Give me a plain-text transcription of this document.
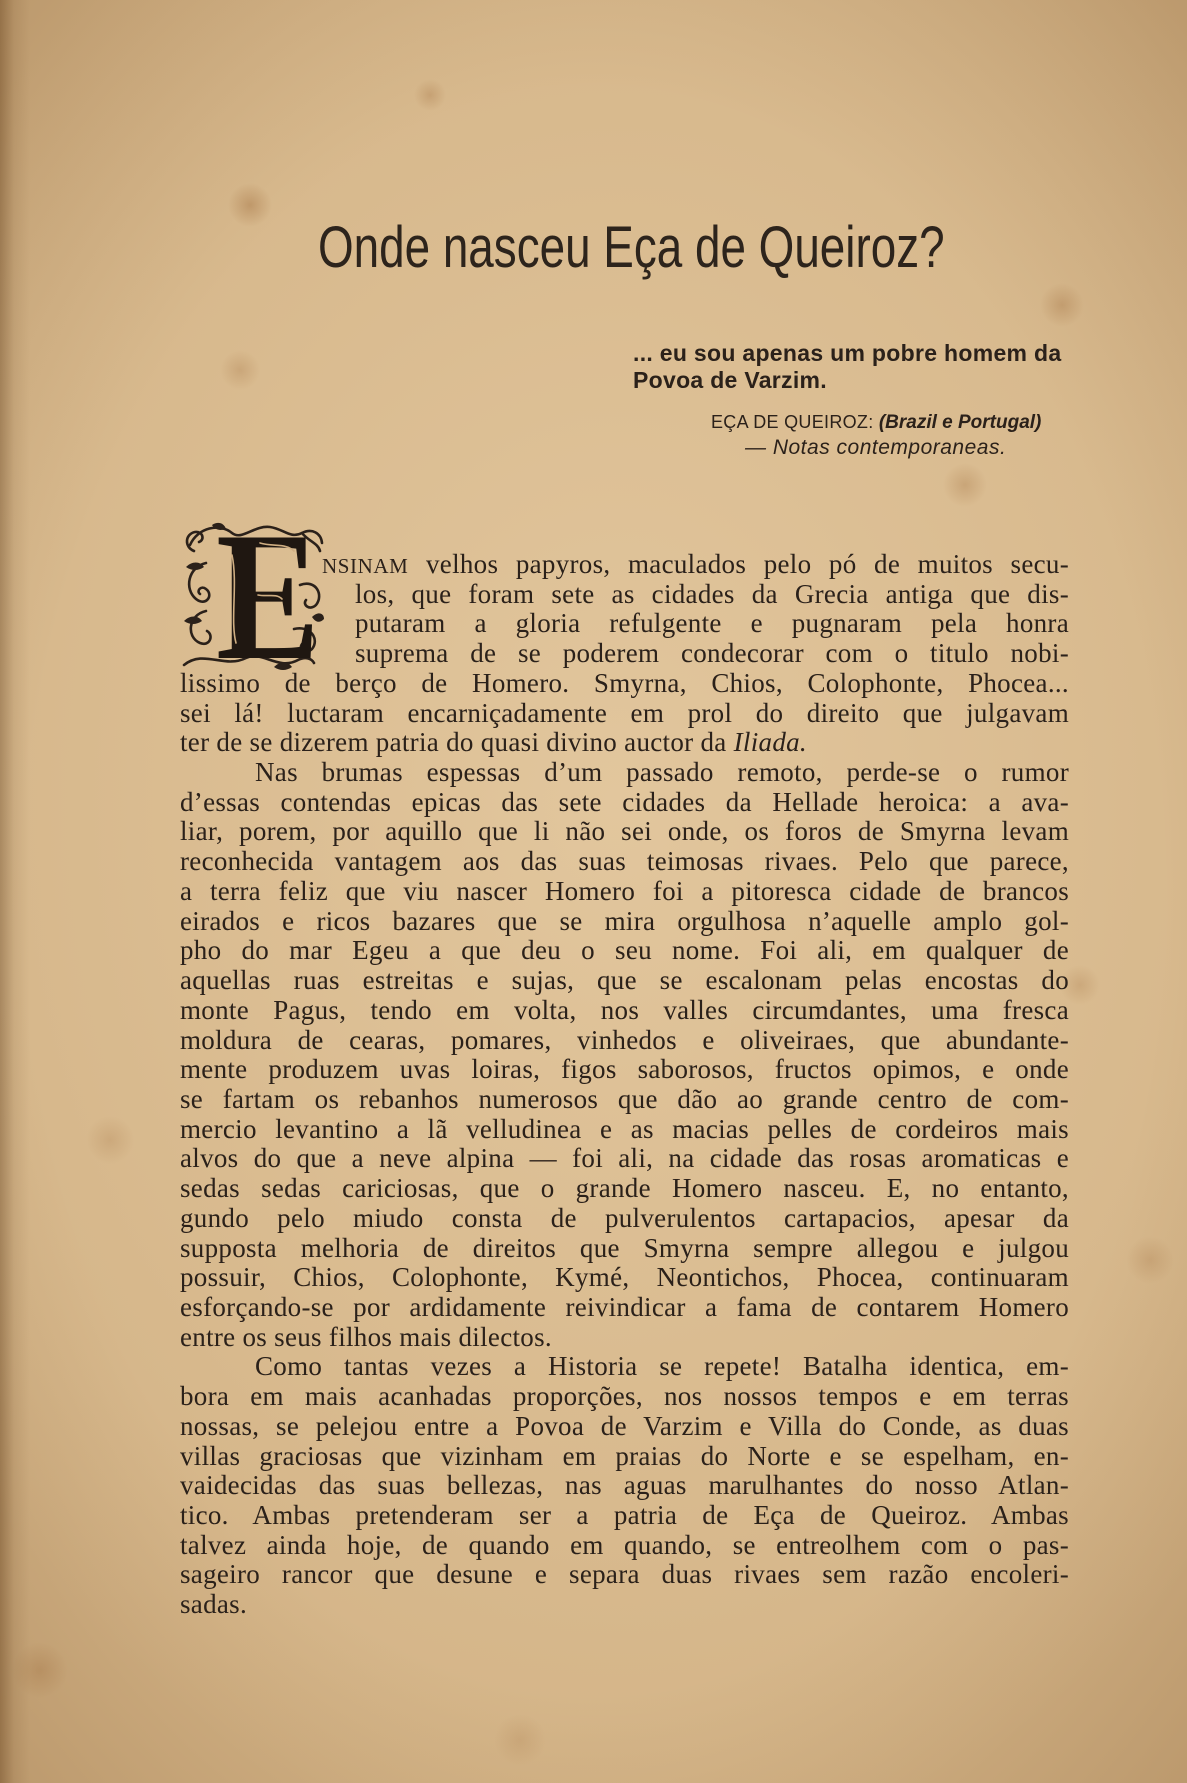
Onde nasceu Eça de Queiroz?
... eu sou apenas um pobre homem da
Povoa de Varzim.
EÇA DE QUEIROZ: (Brazil e Portugal)
— Notas contemporaneas.
E NSINAM velhos papyros, maculados pelo pó de muitos secu-
los, que foram sete as cidades da Grecia antiga que dis-
putaram a gloria refulgente e pugnaram pela honra
suprema de se poderem condecorar com o titulo nobi-
lissimo de berço de Homero. Smyrna, Chios, Colophonte, Phocea...
sei lá! luctaram encarniçadamente em prol do direito que julgavam
ter de se dizerem patria do quasi divino auctor da Iliada.
Nas brumas espessas d’um passado remoto, perde-se o rumor
d’essas contendas epicas das sete cidades da Hellade heroica: a ava-
liar, porem, por aquillo que li não sei onde, os foros de Smyrna levam
reconhecida vantagem aos das suas teimosas rivaes. Pelo que parece,
a terra feliz que viu nascer Homero foi a pitoresca cidade de brancos
eirados e ricos bazares que se mira orgulhosa n’aquelle amplo gol-
pho do mar Egeu a que deu o seu nome. Foi ali, em qualquer de
aquellas ruas estreitas e sujas, que se escalonam pelas encostas do
monte Pagus, tendo em volta, nos valles circumdantes, uma fresca
moldura de cearas, pomares, vinhedos e oliveiraes, que abundante-
mente produzem uvas loiras, figos saborosos, fructos opimos, e onde
se fartam os rebanhos numerosos que dão ao grande centro de com-
mercio levantino a lã velludinea e as macias pelles de cordeiros mais
alvos do que a neve alpina — foi ali, na cidade das rosas aromaticas e
sedas sedas cariciosas, que o grande Homero nasceu. E, no entanto,
gundo pelo miudo consta de pulverulentos cartapacios, apesar da
supposta melhoria de direitos que Smyrna sempre allegou e julgou
possuir, Chios, Colophonte, Kymé, Neontichos, Phocea, continuaram
esforçando-se por ardidamente reivindicar a fama de contarem Homero
entre os seus filhos mais dilectos.
Como tantas vezes a Historia se repete! Batalha identica, em-
bora em mais acanhadas proporções, nos nossos tempos e em terras
nossas, se pelejou entre a Povoa de Varzim e Villa do Conde, as duas
villas graciosas que vizinham em praias do Norte e se espelham, en-
vaidecidas das suas bellezas, nas aguas marulhantes do nosso Atlan-
tico. Ambas pretenderam ser a patria de Eça de Queiroz. Ambas
talvez ainda hoje, de quando em quando, se entreolhem com o pas-
sageiro rancor que desune e separa duas rivaes sem razão encoleri-
sadas.
